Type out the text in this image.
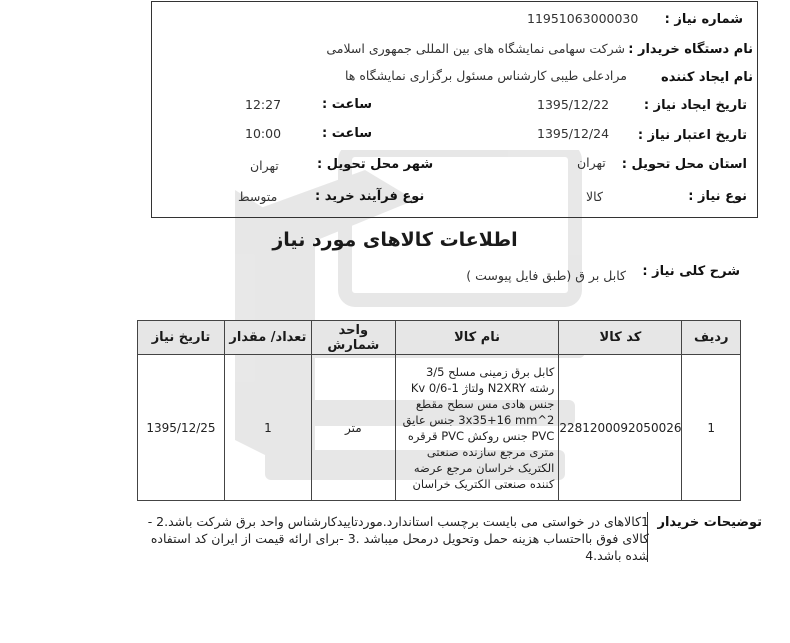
شماره نیاز :
11951063000030
نام دستگاه خریدار :
شرکت سهامی نمایشگاه های بین المللی جمهوری اسلامی
نام ایجاد کننده
مرادعلی طیبی کارشناس مسئول برگزاری نمایشگاه ها
تاریخ ایجاد نیاز :
1395/12/22
ساعت :
12:27
تاریخ اعتبار نیاز :
1395/12/24
ساعت :
10:00
استان محل تحویل :
تهران
شهر محل تحویل :
تهران
نوع نیاز :
کالا
نوع فرآیند خرید :
متوسط
اطلاعات کالاهای مورد نیاز
شرح کلی نیاز :
کابل بر ق (طبق فایل پیوست )
ردیف	کد کالا	نام کالا	واحد شمارش	تعداد/ مقدار	تاریخ نیاز
1	2281200092050026	کابل برق زمینی مسلح 3/5 رشته N2XRY ولتاژ 1-0/6 Kv جنس هادی مس سطح مقطع 3x35+16 mm^2 جنس عایق PVC جنس روکش PVC قرقره متری مرجع سازنده صنعتی الکتریک خراسان مرجع عرضه کننده صنعتی الکتریک خراسان	متر	1	1395/12/25
توضیحات خریدار
1کالاهای در خواستی می بایست برچسب استاندارد.موردتاییدکارشناس واحد برق شرکت باشد.2 - کالای فوق بااحتساب هزینه حمل وتحویل درمحل میباشد .3 -برای ارائه قیمت از ایران کد استفاده شده باشد.4
